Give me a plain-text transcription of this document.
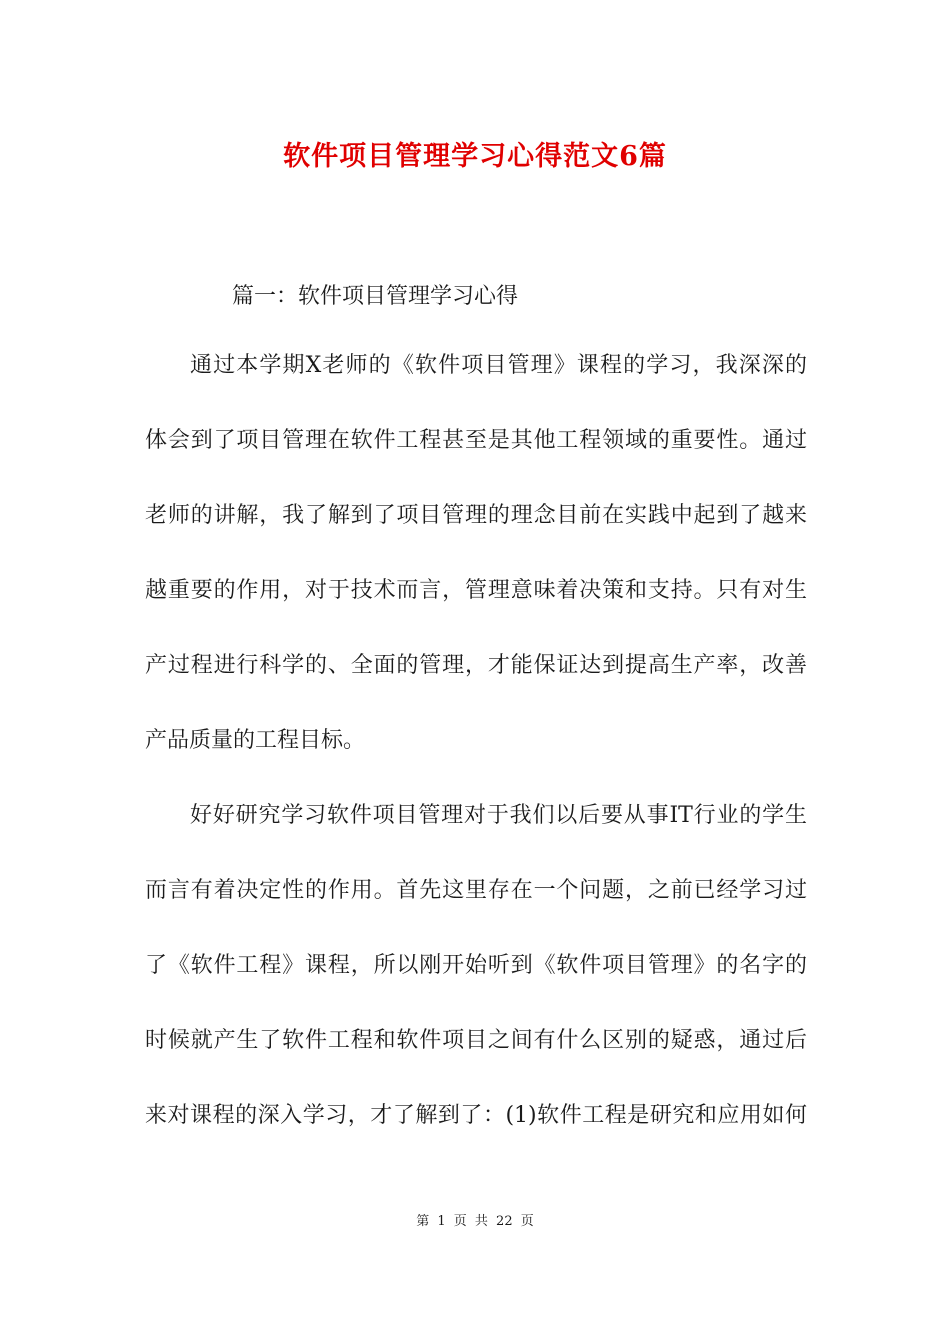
软件项目管理学习心得范文6篇

篇一：软件项目管理学习心得

通过本学期X老师的《软件项目管理》课程的学习，我深深的

体会到了项目管理在软件工程甚至是其他工程领域的重要性。通过

老师的讲解，我了解到了项目管理的理念目前在实践中起到了越来

越重要的作用，对于技术而言，管理意味着决策和支持。只有对生

产过程进行科学的、全面的管理，才能保证达到提高生产率，改善

产品质量的工程目标。

好好研究学习软件项目管理对于我们以后要从事IT行业的学生

而言有着决定性的作用。首先这里存在一个问题，之前已经学习过

了《软件工程》课程，所以刚开始听到《软件项目管理》的名字的

时候就产生了软件工程和软件项目之间有什么区别的疑惑，通过后

来对课程的深入学习，才了解到了：(1)软件工程是研究和应用如何

第 1 页 共 22 页
